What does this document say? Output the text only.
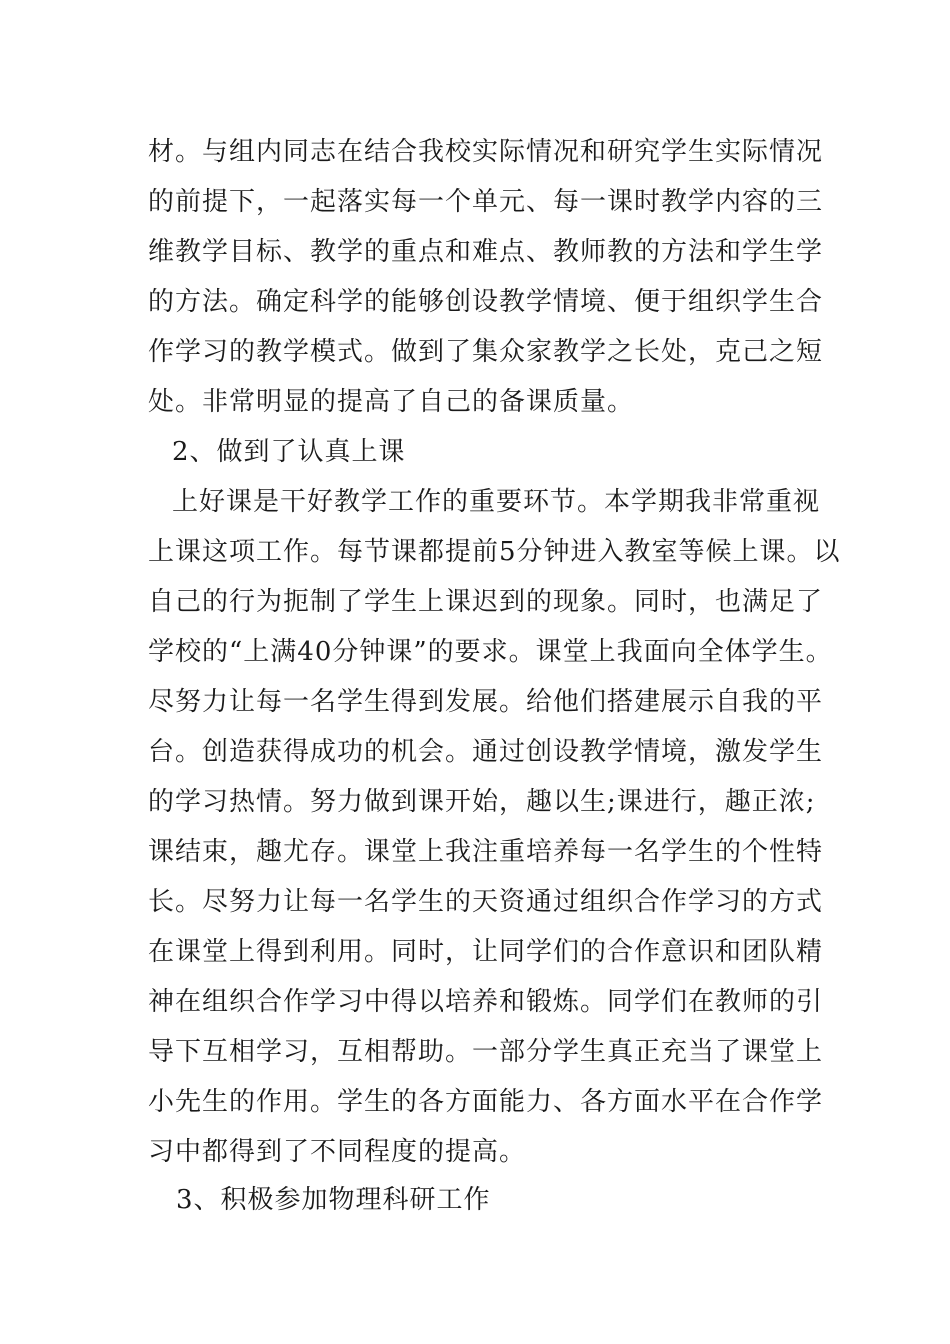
材。与组内同志在结合我校实际情况和研究学生实际情况
的前提下，一起落实每一个单元、每一课时教学内容的三
维教学目标、教学的重点和难点、教师教的方法和学生学
的方法。确定科学的能够创设教学情境、便于组织学生合
作学习的教学模式。做到了集众家教学之长处，克己之短
处。非常明显的提高了自己的备课质量。
2、做到了认真上课
上好课是干好教学工作的重要环节。本学期我非常重视
上课这项工作。每节课都提前5分钟进入教室等候上课。以
自己的行为扼制了学生上课迟到的现象。同时，也满足了
学校的“上满40分钟课”的要求。课堂上我面向全体学生。
尽努力让每一名学生得到发展。给他们搭建展示自我的平
台。创造获得成功的机会。通过创设教学情境，激发学生
的学习热情。努力做到课开始，趣以生;课进行，趣正浓;
课结束，趣尤存。课堂上我注重培养每一名学生的个性特
长。尽努力让每一名学生的天资通过组织合作学习的方式
在课堂上得到利用。同时，让同学们的合作意识和团队精
神在组织合作学习中得以培养和锻炼。同学们在教师的引
导下互相学习，互相帮助。一部分学生真正充当了课堂上
小先生的作用。学生的各方面能力、各方面水平在合作学
习中都得到了不同程度的提高。
3、积极参加物理科研工作
